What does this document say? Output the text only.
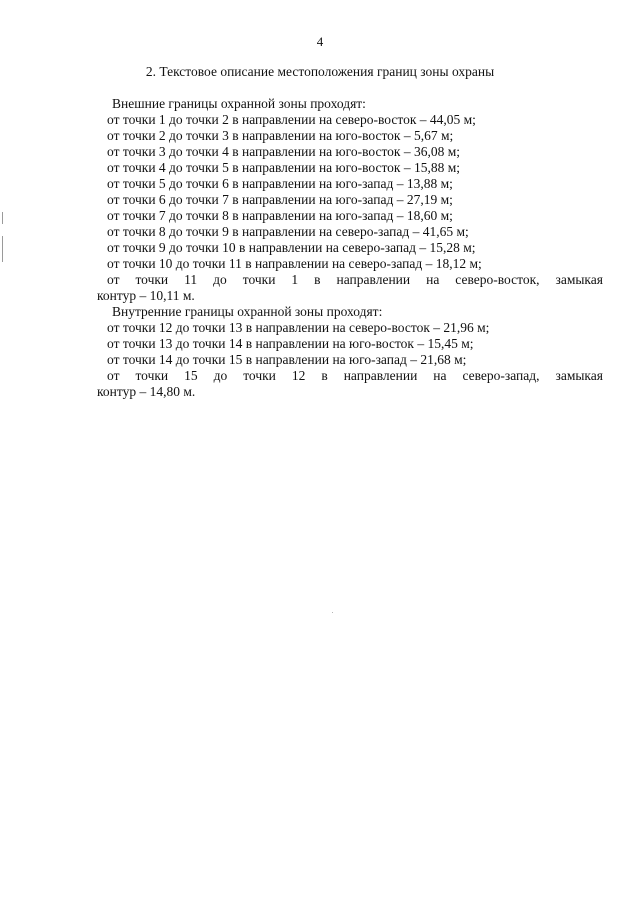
4
2. Текстовое описание местоположения границ зоны охраны
Внешние границы охранной зоны проходят:
от точки 1 до точки 2 в направлении на северо-восток – 44,05 м;
от точки 2 до точки 3 в направлении на юго-восток – 5,67 м;
от точки 3 до точки 4 в направлении на юго-восток – 36,08 м;
от точки 4 до точки 5 в направлении на юго-восток – 15,88 м;
от точки 5 до точки 6 в направлении на юго-запад – 13,88 м;
от точки 6 до точки 7 в направлении на юго-запад – 27,19 м;
от точки 7 до точки 8 в направлении на юго-запад – 18,60 м;
от точки 8 до точки 9 в направлении на северо-запад – 41,65 м;
от точки 9 до точки 10 в направлении на северо-запад – 15,28 м;
от точки 10 до точки 11 в направлении на северо-запад – 18,12 м;
от точки 11 до точки 1 в направлении на северо-восток, замыкая
контур – 10,11 м.
Внутренние границы охранной зоны проходят:
от точки 12 до точки 13 в направлении на северо-восток – 21,96 м;
от точки 13 до точки 14 в направлении на юго-восток – 15,45 м;
от точки 14 до точки 15 в направлении на юго-запад – 21,68 м;
от точки 15 до точки 12 в направлении на северо-запад, замыкая
контур – 14,80 м.
